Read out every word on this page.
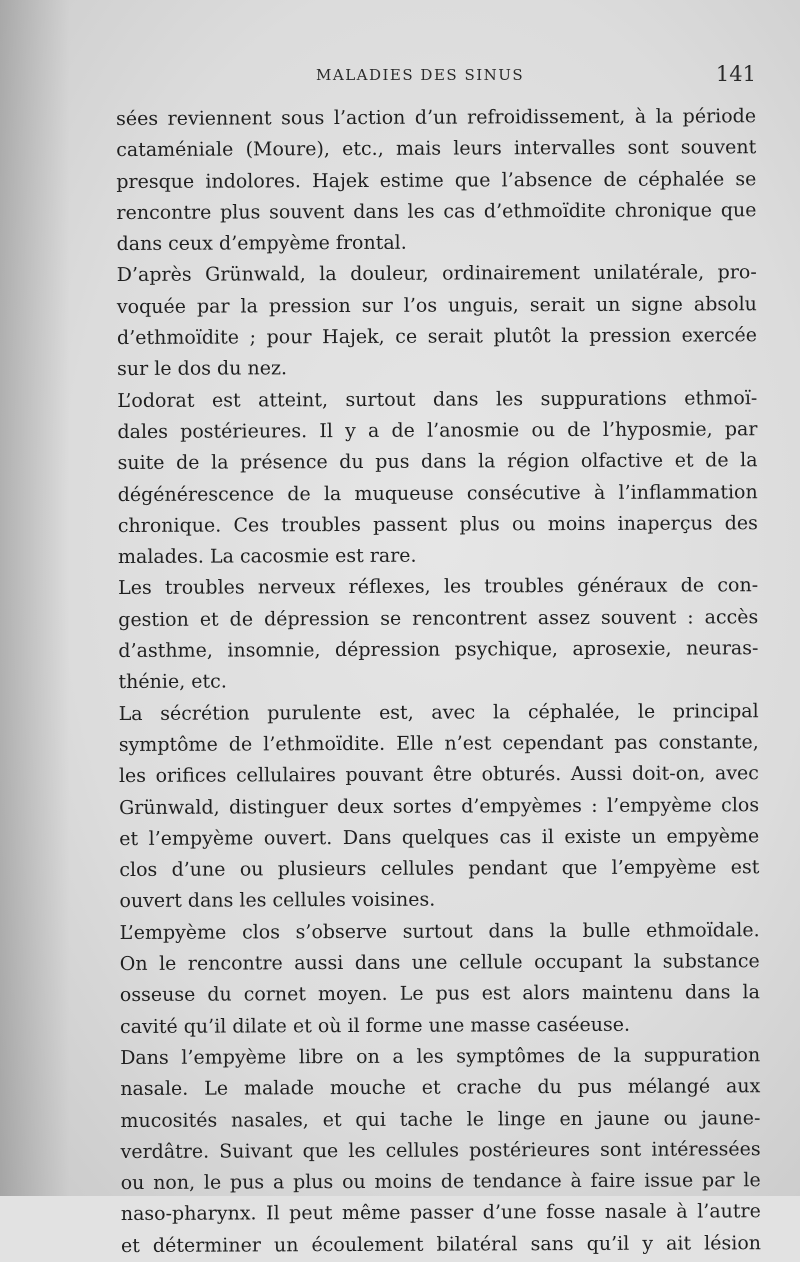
MALADIES DES SINUS	141
sées reviennent sous l’action d’un refroidissement, à la période
cataméniale (Moure), etc., mais leurs intervalles sont souvent
presque indolores. Hajek estime que l’absence de céphalée se
rencontre plus souvent dans les cas d’ethmoïdite chronique que
dans ceux d’empyème frontal.
D’après Grünwald, la douleur, ordinairement unilatérale, pro-
voquée par la pression sur l’os unguis, serait un signe absolu
d’ethmoïdite ; pour Hajek, ce serait plutôt la pression exercée
sur le dos du nez.
L’odorat est atteint, surtout dans les suppurations ethmoï-
dales postérieures. Il y a de l’anosmie ou de l’hyposmie, par
suite de la présence du pus dans la région olfactive et de la
dégénérescence de la muqueuse consécutive à l’inflammation
chronique. Ces troubles passent plus ou moins inaperçus des
malades. La cacosmie est rare.
Les troubles nerveux réflexes, les troubles généraux de con-
gestion et de dépression se rencontrent assez souvent : accès
d’asthme, insomnie, dépression psychique, aprosexie, neuras-
thénie, etc.
La sécrétion purulente est, avec la céphalée, le principal
symptôme de l’ethmoïdite. Elle n’est cependant pas constante,
les orifices cellulaires pouvant être obturés. Aussi doit-on, avec
Grünwald, distinguer deux sortes d’empyèmes : l’empyème clos
et l’empyème ouvert. Dans quelques cas il existe un empyème
clos d’une ou plusieurs cellules pendant que l’empyème est
ouvert dans les cellules voisines.
L’empyème clos s’observe surtout dans la bulle ethmoïdale.
On le rencontre aussi dans une cellule occupant la substance
osseuse du cornet moyen. Le pus est alors maintenu dans la
cavité qu’il dilate et où il forme une masse caséeuse.
Dans l’empyème libre on a les symptômes de la suppuration
nasale. Le malade mouche et crache du pus mélangé aux
mucosités nasales, et qui tache le linge en jaune ou jaune-
verdâtre. Suivant que les cellules postérieures sont intéressées
ou non, le pus a plus ou moins de tendance à faire issue par le
naso-pharynx. Il peut même passer d’une fosse nasale à l’autre
et déterminer un écoulement bilatéral sans qu’il y ait lésion
